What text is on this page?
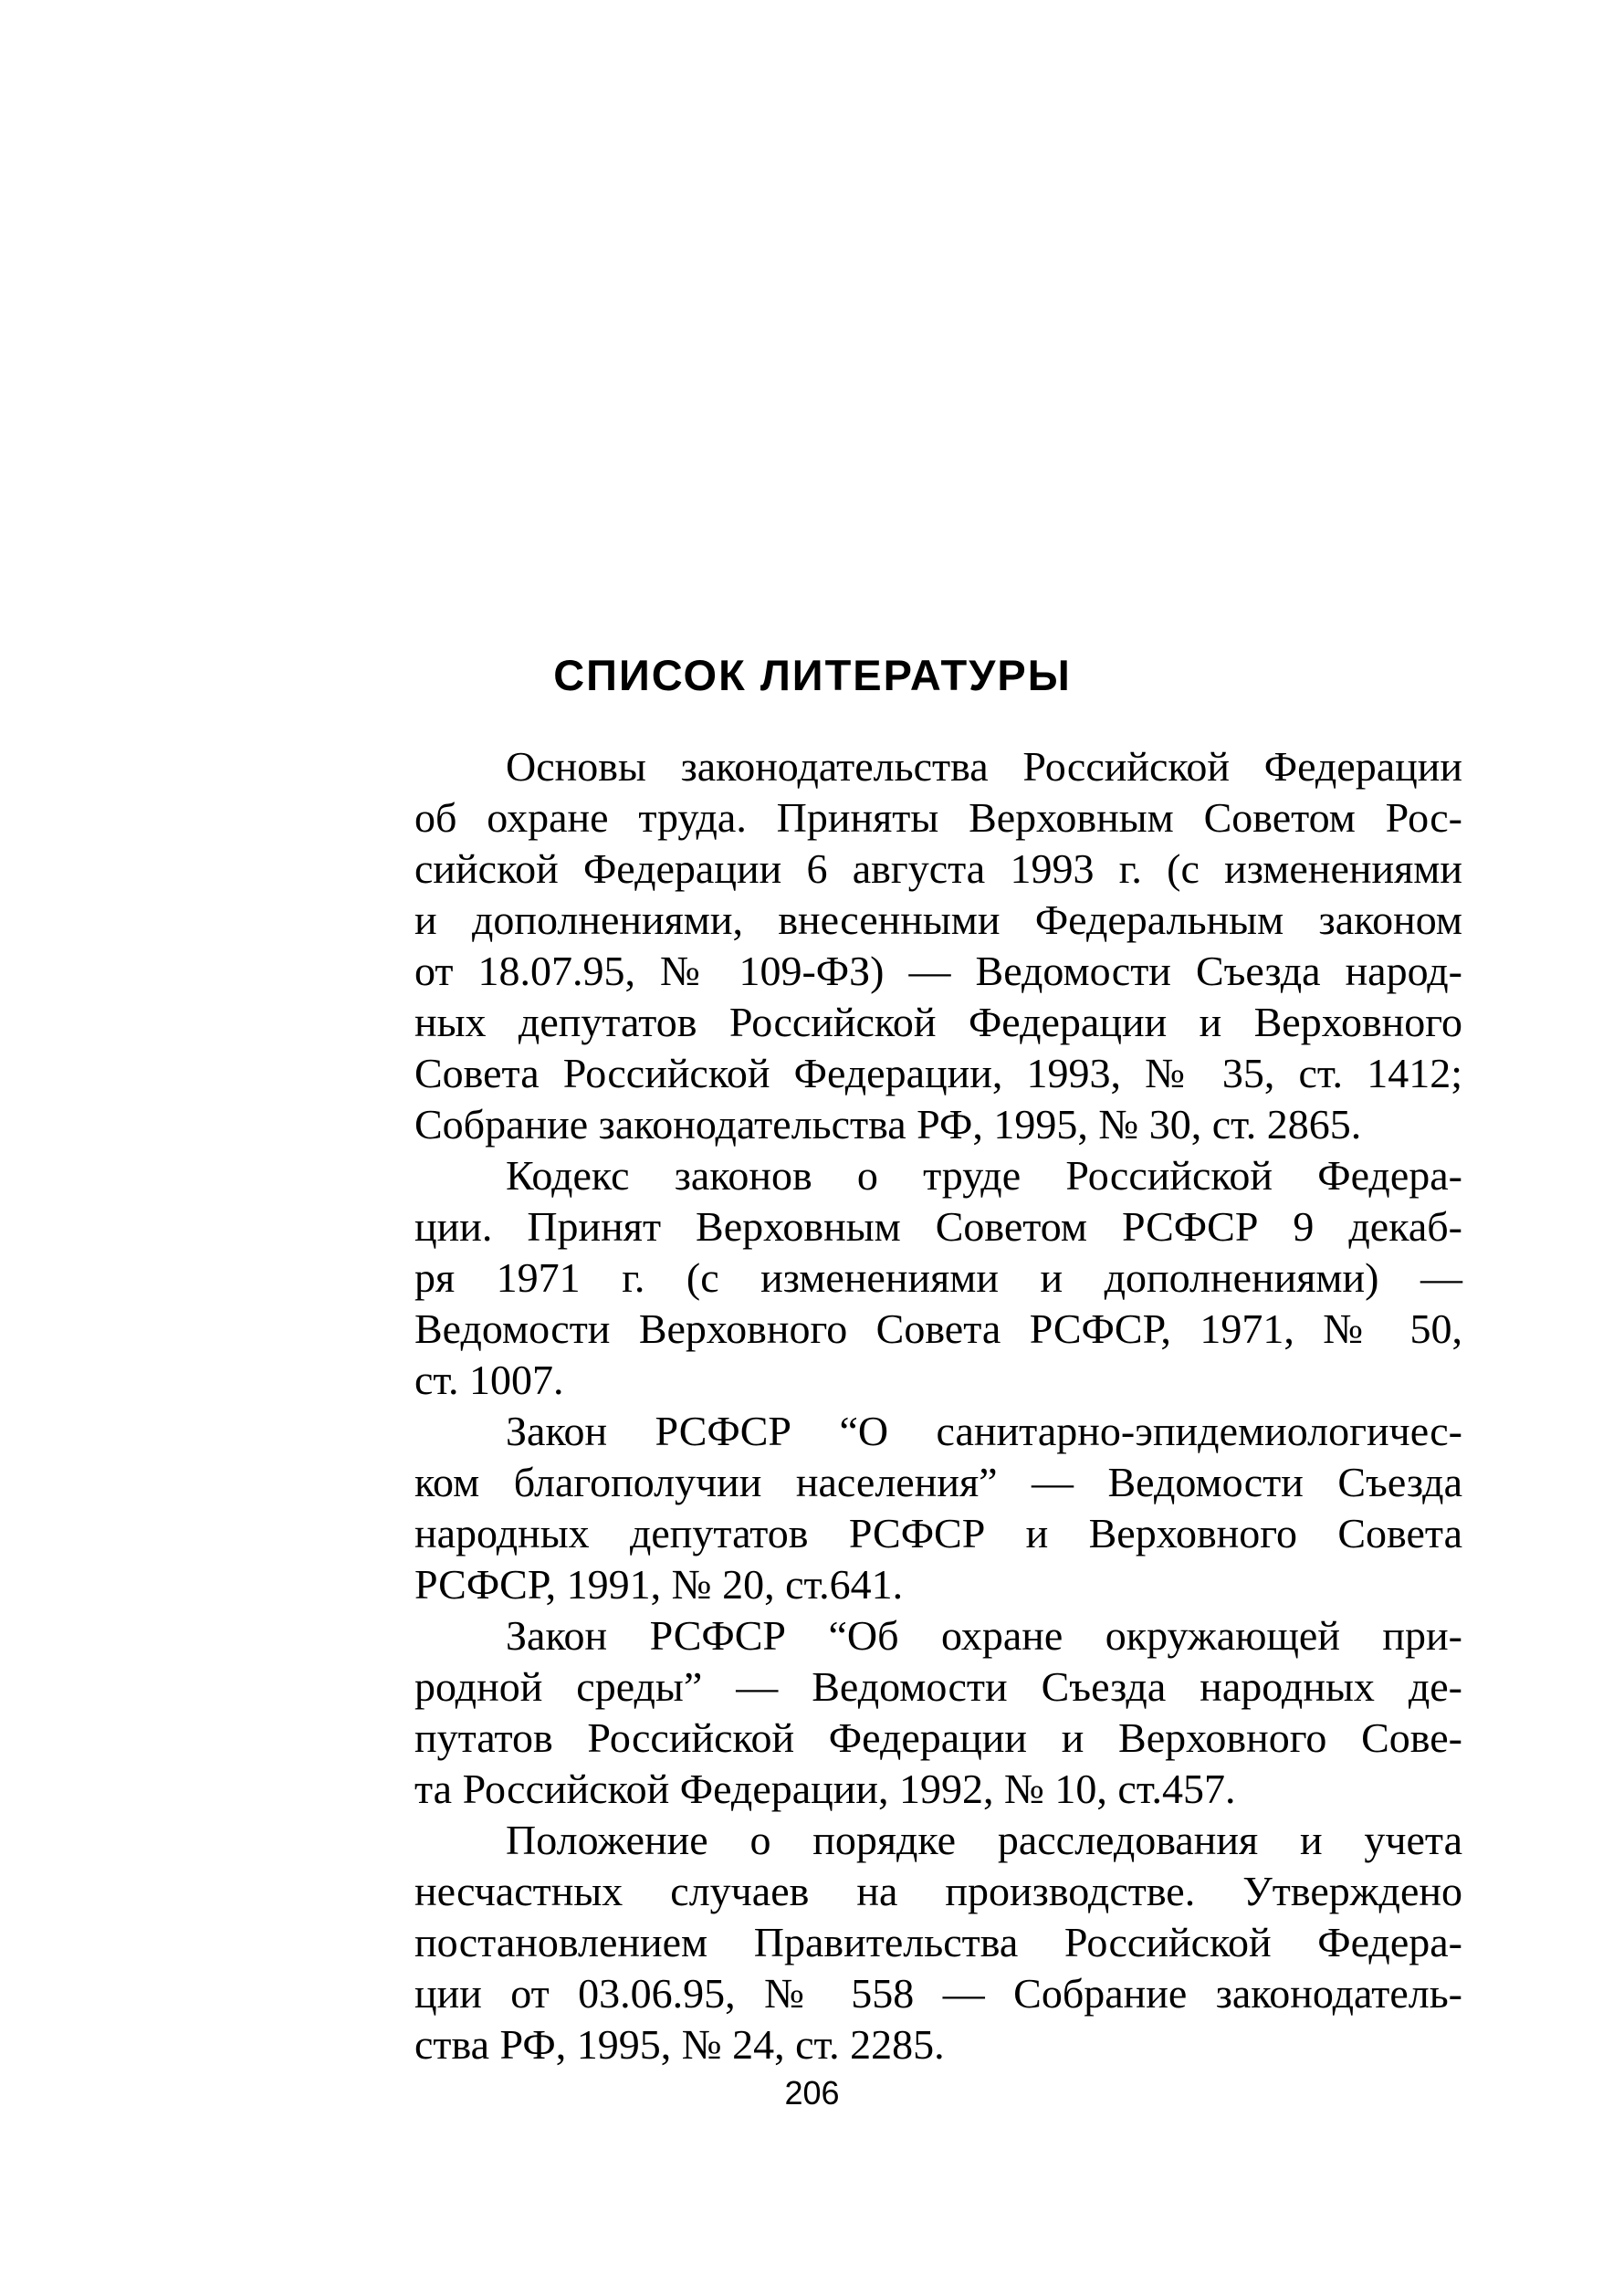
СПИСОК ЛИТЕРАТУРЫ
Основы законодательства Российской Федерации
об охране труда. Приняты Верховным Советом Рос-
сийской Федерации 6 августа 1993 г. (с изменениями
и дополнениями, внесенными Федеральным законом
от 18.07.95, № 109-ФЗ) — Ведомости Съезда народ-
ных депутатов Российской Федерации и Верховного
Совета Российской Федерации, 1993, № 35, ст. 1412;
Собрание законодательства РФ, 1995, № 30, ст. 2865.
Кодекс законов о труде Российской Федера-
ции. Принят Верховным Советом РСФСР 9 декаб-
ря 1971 г. (с изменениями и дополнениями) —
Ведомости Верховного Совета РСФСР, 1971, № 50,
ст. 1007.
Закон РСФСР “О санитарно-эпидемиологичес-
ком благополучии населения” — Ведомости Съезда
народных депутатов РСФСР и Верховного Совета
РСФСР, 1991, № 20, ст.641.
Закон РСФСР “Об охране окружающей при-
родной среды” — Ведомости Съезда народных де-
путатов Российской Федерации и Верховного Сове-
та Российской Федерации, 1992, № 10, ст.457.
Положение о порядке расследования и учета
несчастных случаев на производстве. Утверждено
постановлением Правительства Российской Федера-
ции от 03.06.95, № 558 — Собрание законодатель-
ства РФ, 1995, № 24, ст. 2285.
206
